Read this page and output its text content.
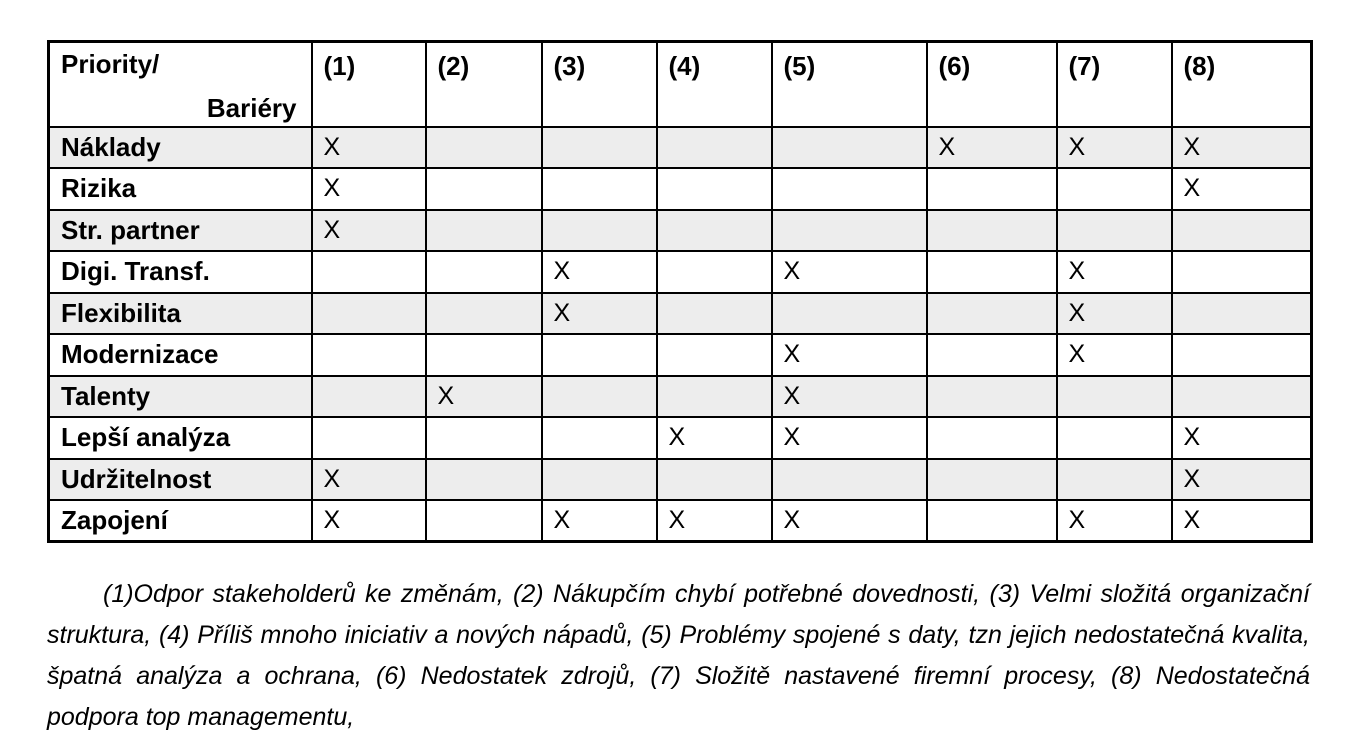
Priority/
Bariéry	(1)	(2)	(3)	(4)	(5)	(6)	(7)	(8)
Náklady	X					X	X	X
Rizika	X							X
Str. partner	X							
Digi. Transf.			X		X		X	
Flexibilita			X				X	
Modernizace					X		X	
Talenty		X			X			
Lepší analýza				X	X			X
Udržitelnost	X							X
Zapojení	X		X	X	X		X	X

(1)Odpor stakeholderů ke změnám, (2) Nákupčím chybí potřebné dovednosti, (3) Velmi složitá organizační struktura, (4) Příliš mnoho iniciativ a nových nápadů, (5) Problémy spojené s daty, tzn jejich nedostatečná kvalita, špatná analýza a ochrana, (6) Nedostatek zdrojů, (7) Složitě nastavené firemní procesy, (8) Nedostatečná podpora top managementu,
